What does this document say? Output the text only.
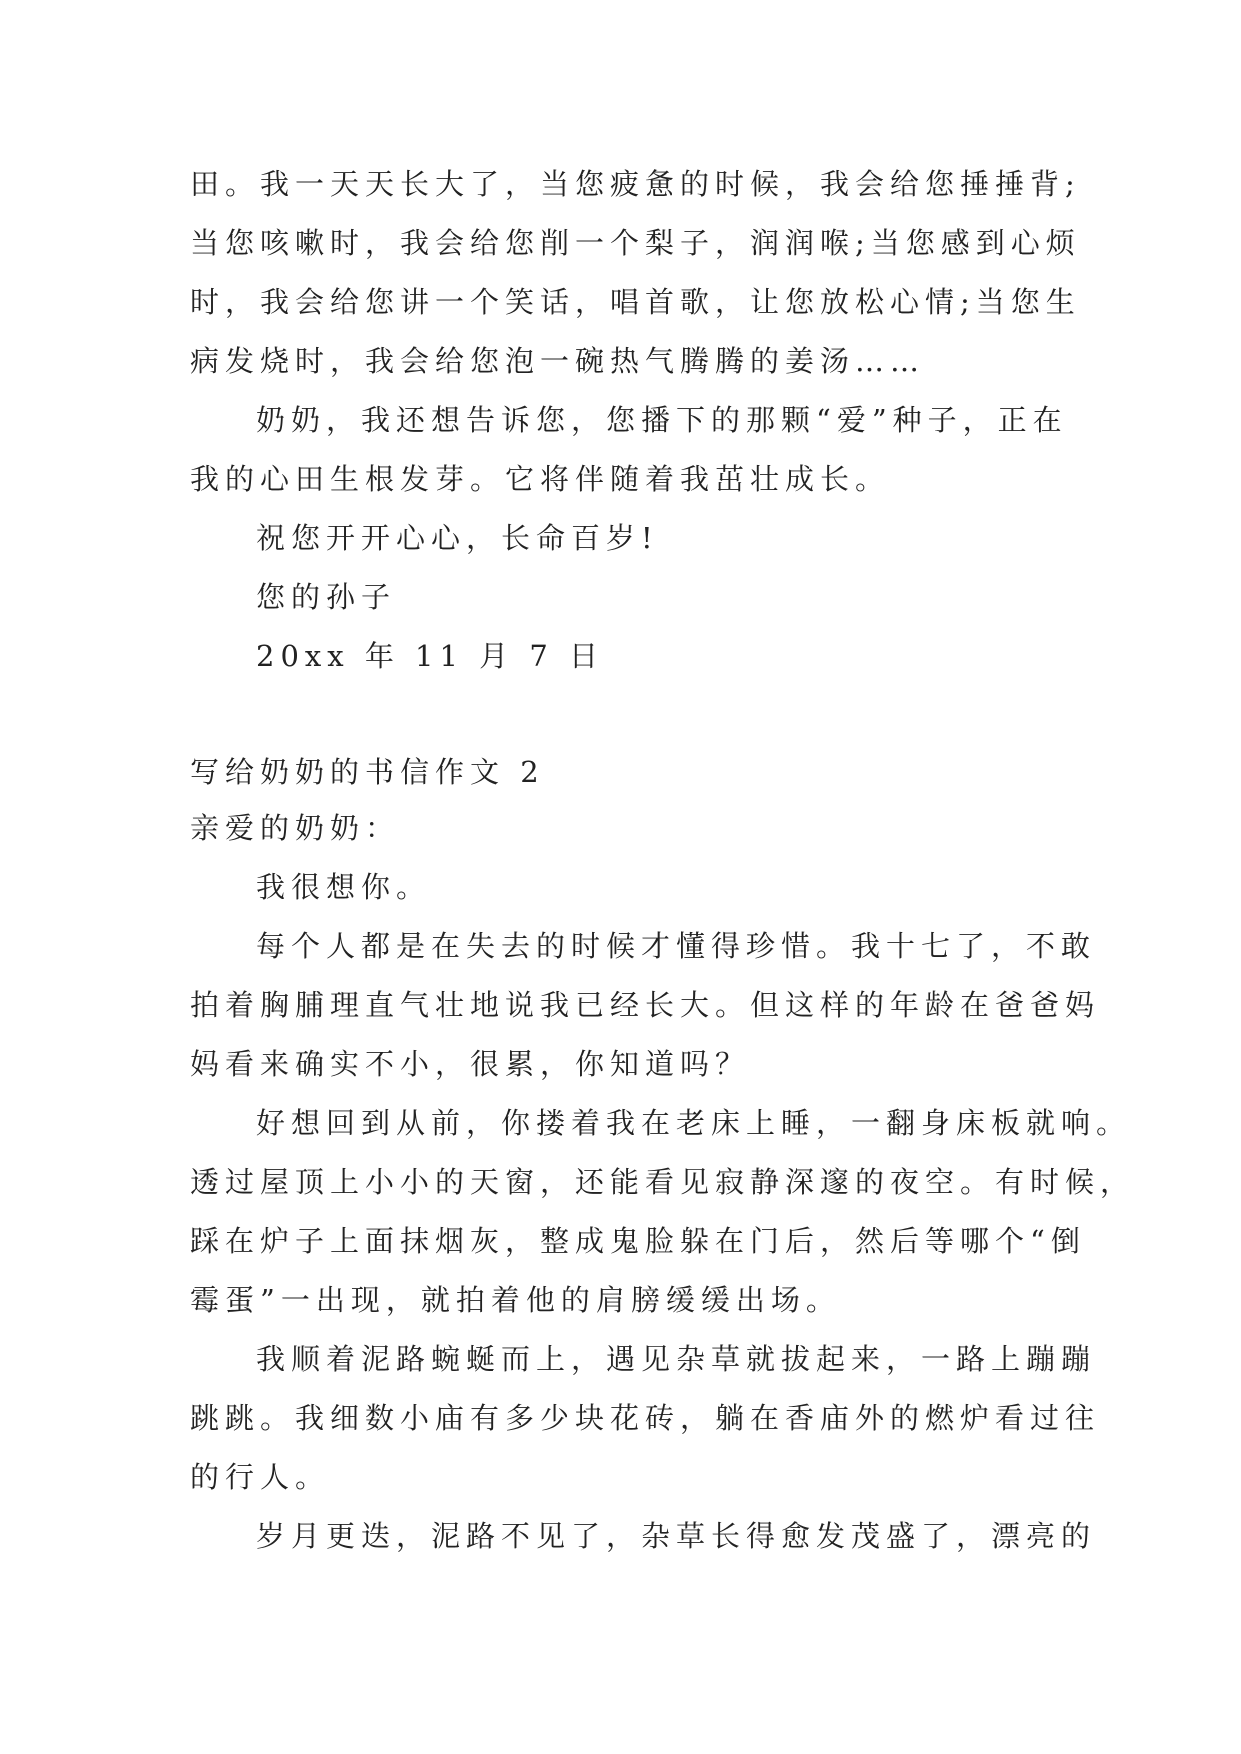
田。我一天天长大了，当您疲惫的时候，我会给您捶捶背;
当您咳嗽时，我会给您削一个梨子，润润喉;当您感到心烦
时，我会给您讲一个笑话，唱首歌，让您放松心情;当您生
病发烧时，我会给您泡一碗热气腾腾的姜汤……
奶奶，我还想告诉您，您播下的那颗“爱”种子，正在
我的心田生根发芽。它将伴随着我茁壮成长。
祝您开开心心，长命百岁!
您的孙子
20xx 年 11 月 7 日
写给奶奶的书信作文 2
亲爱的奶奶：
我很想你。
每个人都是在失去的时候才懂得珍惜。我十七了，不敢
拍着胸脯理直气壮地说我已经长大。但这样的年龄在爸爸妈
妈看来确实不小，很累，你知道吗？
好想回到从前，你搂着我在老床上睡，一翻身床板就响。
透过屋顶上小小的天窗，还能看见寂静深邃的夜空。有时候，
踩在炉子上面抹烟灰，整成鬼脸躲在门后，然后等哪个“倒
霉蛋”一出现，就拍着他的肩膀缓缓出场。
我顺着泥路蜿蜒而上，遇见杂草就拔起来，一路上蹦蹦
跳跳。我细数小庙有多少块花砖，躺在香庙外的燃炉看过往
的行人。
岁月更迭，泥路不见了，杂草长得愈发茂盛了，漂亮的
